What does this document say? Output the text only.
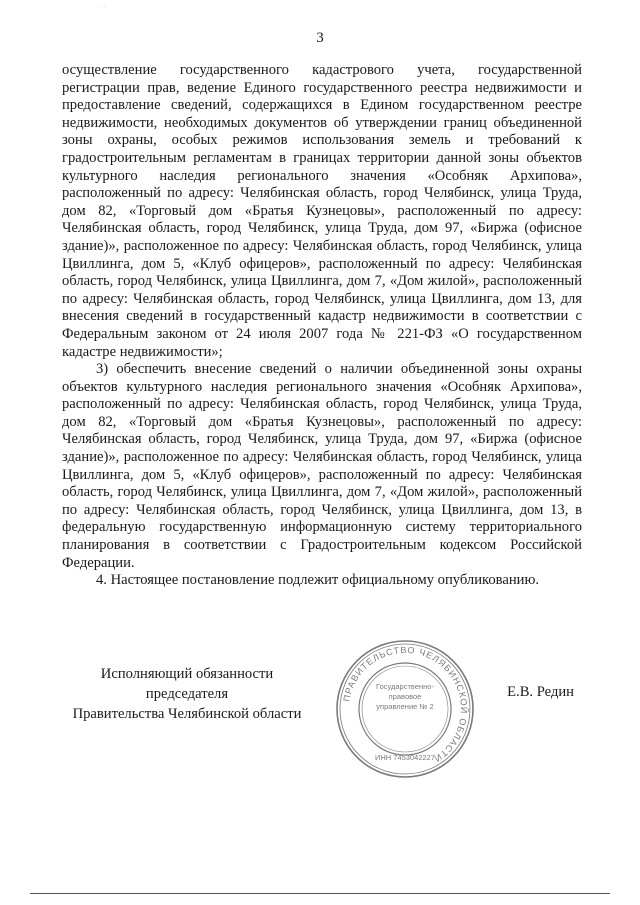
· ·
3

осуществление государственного кадастрового учета, государственной регистрации прав, ведение Единого государственного реестра недвижимости и предоставление сведений, содержащихся в Едином государственном реестре недвижимости, необходимых документов об утверждении границ объединенной зоны охраны, особых режимов использования земель и требований к градостроительным регламентам в границах территории данной зоны объектов культурного наследия регионального значения «Особняк Архипова», расположенный по адресу: Челябинская область, город Челябинск, улица Труда, дом 82, «Торговый дом «Братья Кузнецовы», расположенный по адресу: Челябинская область, город Челябинск, улица Труда, дом 97, «Биржа (офисное здание)», расположенное по адресу: Челябинская область, город Челябинск, улица Цвиллинга, дом 5, «Клуб офицеров», расположенный по адресу: Челябинская область, город Челябинск, улица Цвиллинга, дом 7, «Дом жилой», расположенный по адресу: Челябинская область, город Челябинск, улица Цвиллинга, дом 13, для внесения сведений в государственный кадастр недвижимости в соответствии с Федеральным законом от 24 июля 2007 года № 221-ФЗ «О государственном кадастре недвижимости»;

3) обеспечить внесение сведений о наличии объединенной зоны охраны объектов культурного наследия регионального значения «Особняк Архипова», расположенный по адресу: Челябинская область, город Челябинск, улица Труда, дом 82, «Торговый дом «Братья Кузнецовы», расположенный по адресу: Челябинская область, город Челябинск, улица Труда, дом 97, «Биржа (офисное здание)», расположенное по адресу: Челябинская область, город Челябинск, улица Цвиллинга, дом 5, «Клуб офицеров», расположенный по адресу: Челябинская область, город Челябинск, улица Цвиллинга, дом 7, «Дом жилой», расположенный по адресу: Челябинская область, город Челябинск, улица Цвиллинга, дом 13, в федеральную государственную информационную систему территориального планирования в соответствии с Градостроительным кодексом Российской Федерации.

4. Настоящее постановление подлежит официальному опубликованию.

Исполняющий обязанности председателя
Правительства Челябинской области
ПРАВИТЕЛЬСТВО ЧЕЛЯБИНСКОЙ ОБЛАСТИ
ИНН 7453042227
Государственно-правовое управление № 2
Е.В. Редин
